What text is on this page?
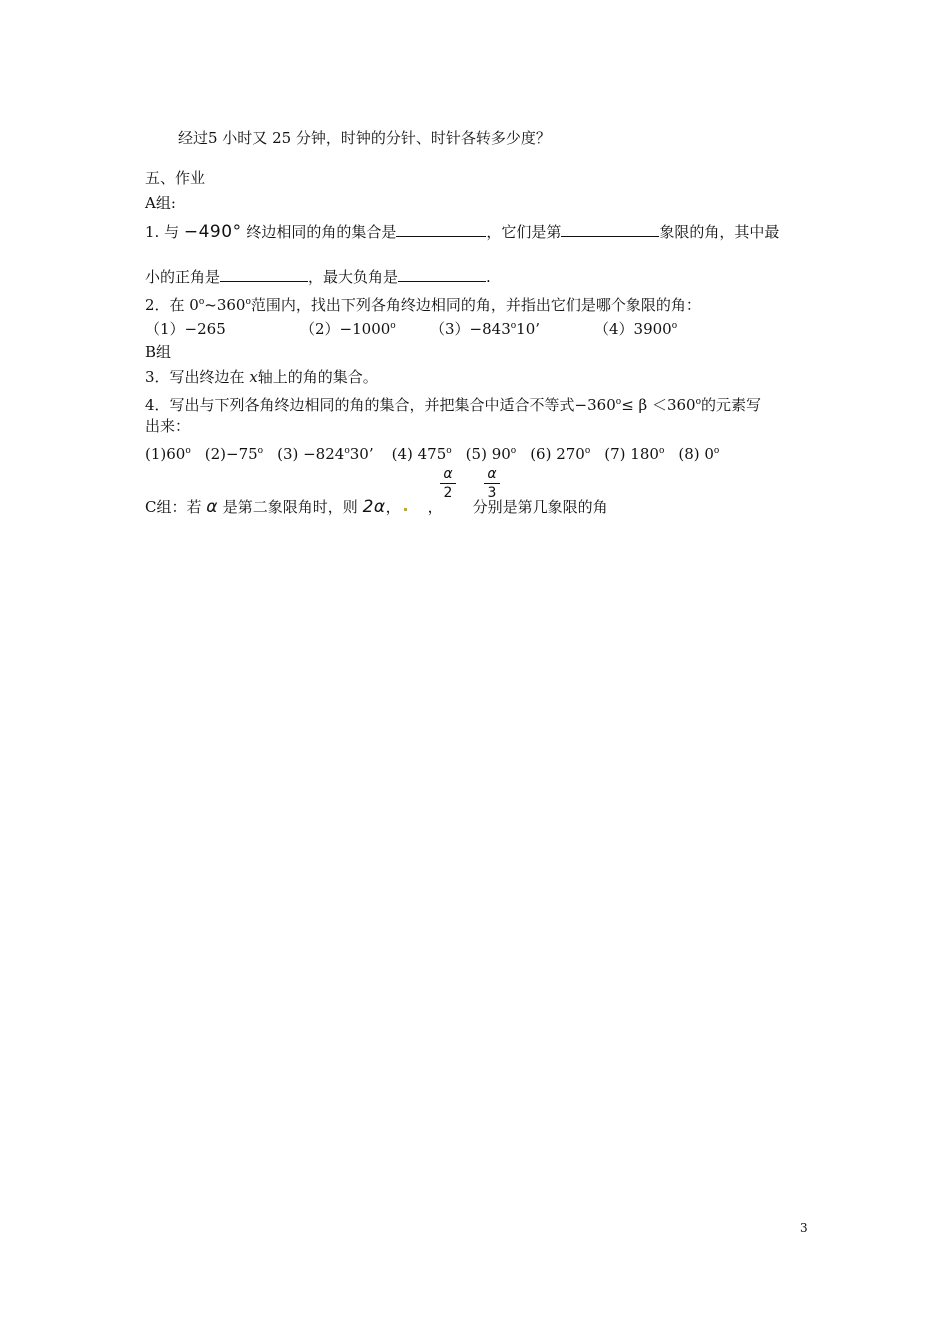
经过5 小时又 25 分钟，时钟的分针、时针各转多少度？
五、作业
A组:
1. 与 −490° 终边相同的角的集合是	，它们是第	象限的角，其中最
小的正角是	，最大负角是	.
2．在 0$^o$~360$^o$范围内，找出下列各角终边相同的角，并指出它们是哪个象限的角：
（1）−265	$(2)-1000^o$ $(3)-843^o10$’	（4）3900$^o$
B组
3．写出终边在 x轴上的角的集合。
4．写出与下列各角终边相同的角的集合，并把集合中适合不等式$-360^o\le \beta <360^o$的元素写
出来：
(1)60$^o$ $(2)-75^o$ $(3) -824^o30$’ (4) 475$^o$ (5) 90$^o$ (6) 270$^o$ (7) 180$^o$ (8) 0$^o$
C组：若 α 是第二象限角时，则 2α， ， 分别是第几象限的角
α
2
α
3
3
